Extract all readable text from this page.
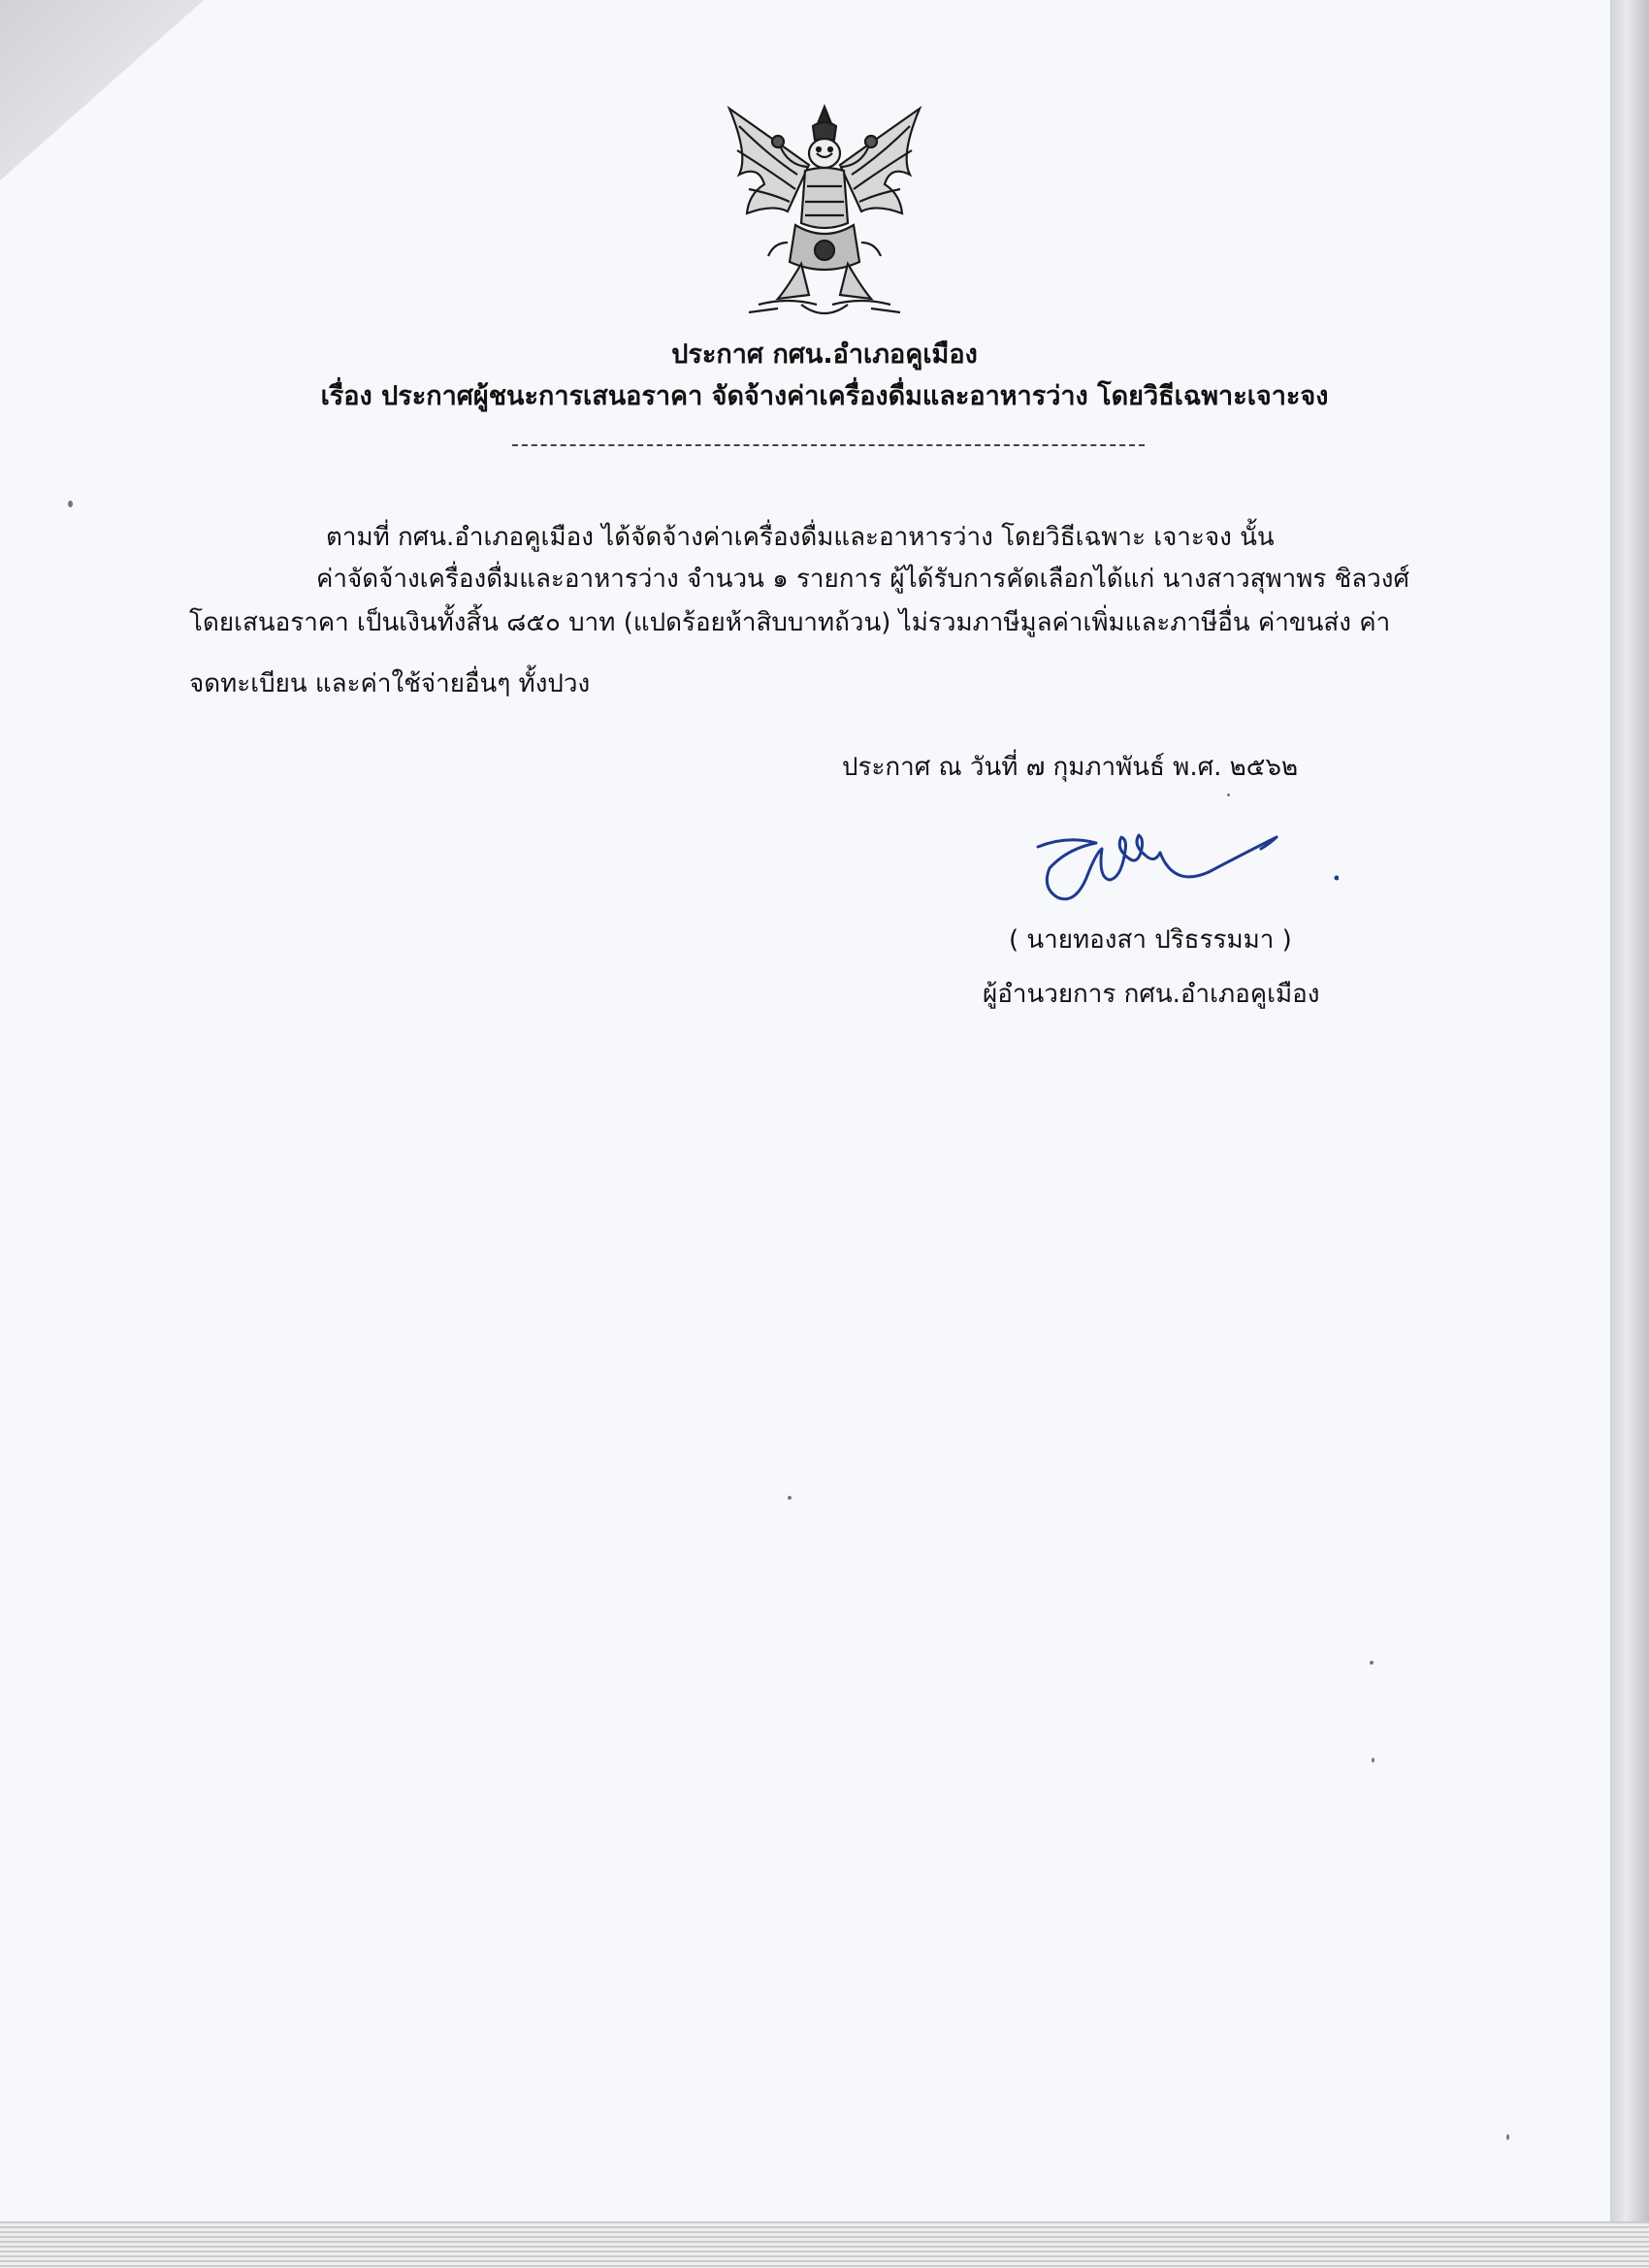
ประกาศ กศน.อำเภอคูเมือง

เรื่อง ประกาศผู้ชนะการเสนอราคา จัดจ้างค่าเครื่องดื่มและอาหารว่าง โดยวิธีเฉพาะเจาะจง

ตามที่ กศน.อำเภอคูเมือง ได้จัดจ้างค่าเครื่องดื่มและอาหารว่าง โดยวิธีเฉพาะ เจาะจง นั้น

ค่าจัดจ้างเครื่องดื่มและอาหารว่าง จำนวน ๑ รายการ ผู้ได้รับการคัดเลือกได้แก่ นางสาวสุพาพร ชิลวงศ์

โดยเสนอราคา เป็นเงินทั้งสิ้น ๘๕๐ บาท (แปดร้อยห้าสิบบาทถ้วน) ไม่รวมภาษีมูลค่าเพิ่มและภาษีอื่น ค่าขนส่ง ค่า

จดทะเบียน และค่าใช้จ่ายอื่นๆ ทั้งปวง

ประกาศ ณ วันที่ ๗ กุมภาพันธ์ พ.ศ. ๒๕๖๒

( นายทองสา ปริธรรมมา )

ผู้อำนวยการ กศน.อำเภอคูเมือง
